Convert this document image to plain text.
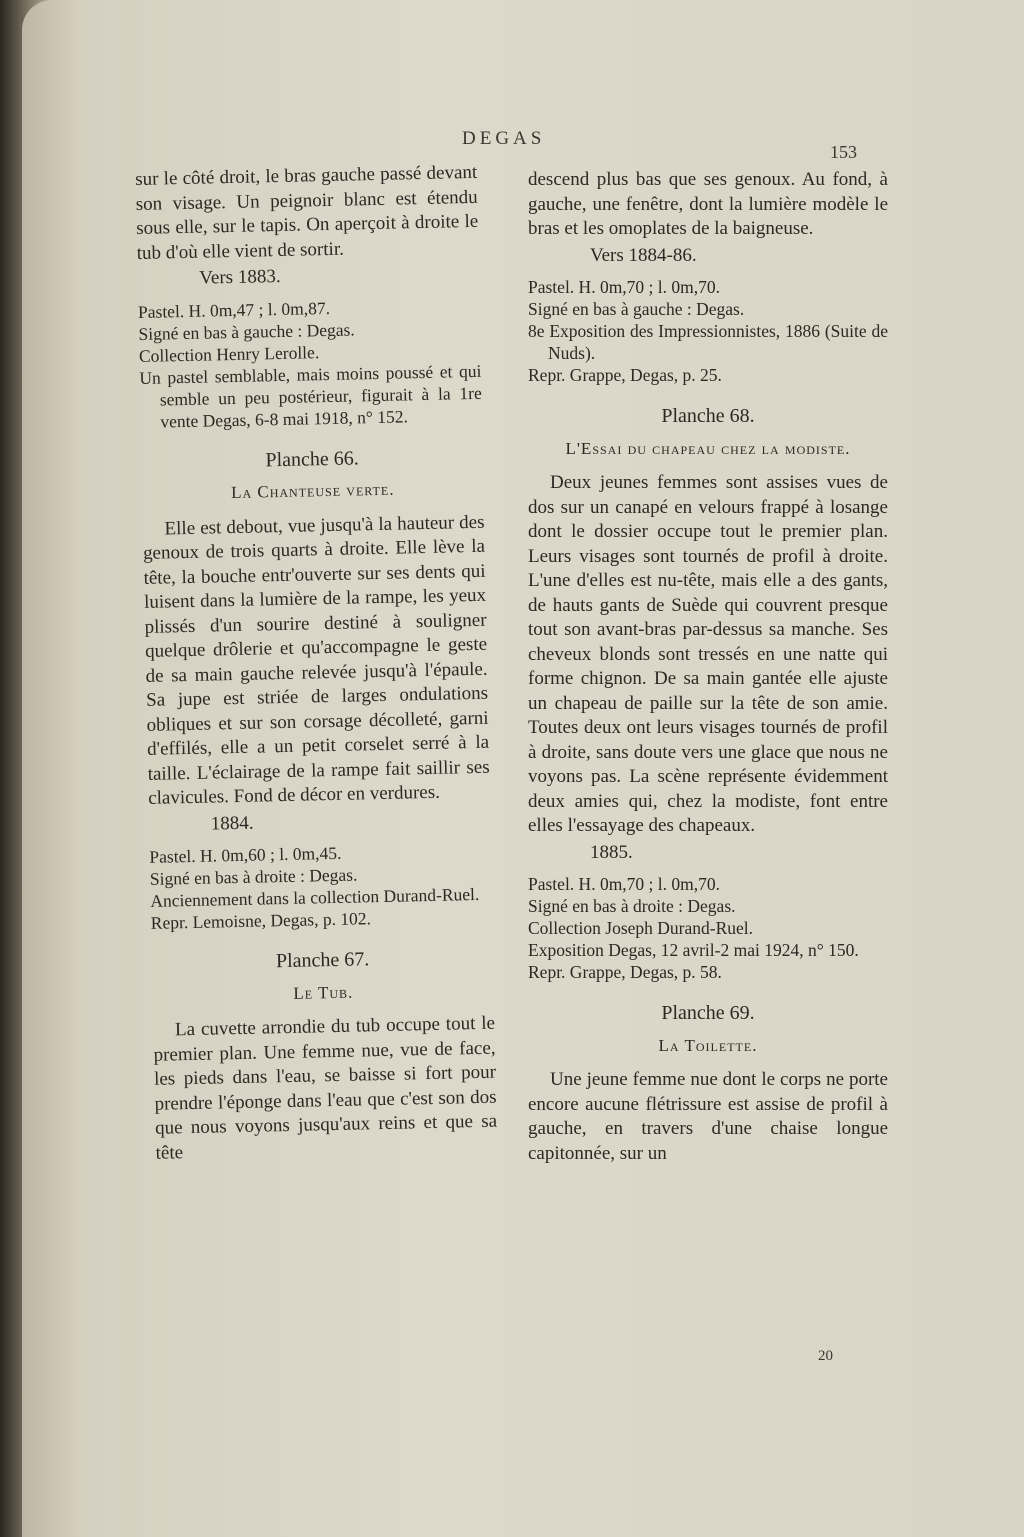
DEGAS
153
20

sur le côté droit, le bras gauche passé devant son visage. Un peignoir blanc est étendu sous elle, sur le tapis. On aperçoit à droite le tub d'où elle vient de sortir.

Vers 1883.

Pastel. H. 0m,47 ; l. 0m,87.

Signé en bas à gauche : Degas.

Collection Henry Lerolle.

Un pastel semblable, mais moins poussé et qui semble un peu postérieur, figurait à la 1re vente Degas, 6-8 mai 1918, n° 152.

Planche 66.

La Chanteuse verte.

Elle est debout, vue jusqu'à la hauteur des genoux de trois quarts à droite. Elle lève la tête, la bouche entr'ouverte sur ses dents qui luisent dans la lumière de la rampe, les yeux plissés d'un sourire destiné à souligner quelque drôlerie et qu'accompagne le geste de sa main gauche relevée jusqu'à l'épaule. Sa jupe est striée de larges ondulations obliques et sur son corsage décolleté, garni d'effilés, elle a un petit corselet serré à la taille. L'éclairage de la rampe fait saillir ses clavicules. Fond de décor en verdures.

1884.

Pastel. H. 0m,60 ; l. 0m,45.

Signé en bas à droite : Degas.

Anciennement dans la collection Durand-Ruel.

Repr. Lemoisne, Degas, p. 102.

Planche 67.

Le Tub.

La cuvette arrondie du tub occupe tout le premier plan. Une femme nue, vue de face, les pieds dans l'eau, se baisse si fort pour prendre l'éponge dans l'eau que c'est son dos que nous voyons jusqu'aux reins et que sa tête

descend plus bas que ses genoux. Au fond, à gauche, une fenêtre, dont la lumière modèle le bras et les omoplates de la baigneuse.

Vers 1884-86.

Pastel. H. 0m,70 ; l. 0m,70.

Signé en bas à gauche : Degas.

8e Exposition des Impressionnistes, 1886 (Suite de Nuds).

Repr. Grappe, Degas, p. 25.

Planche 68.

L'Essai du chapeau chez la modiste.

Deux jeunes femmes sont assises vues de dos sur un canapé en velours frappé à losange dont le dossier occupe tout le premier plan. Leurs visages sont tournés de profil à droite. L'une d'elles est nu-tête, mais elle a des gants, de hauts gants de Suède qui couvrent presque tout son avant-bras par-dessus sa manche. Ses cheveux blonds sont tressés en une natte qui forme chignon. De sa main gantée elle ajuste un chapeau de paille sur la tête de son amie. Toutes deux ont leurs visages tournés de profil à droite, sans doute vers une glace que nous ne voyons pas. La scène représente évidemment deux amies qui, chez la modiste, font entre elles l'essayage des chapeaux.

1885.

Pastel. H. 0m,70 ; l. 0m,70.

Signé en bas à droite : Degas.

Collection Joseph Durand-Ruel.

Exposition Degas, 12 avril-2 mai 1924, n° 150.

Repr. Grappe, Degas, p. 58.

Planche 69.

La Toilette.

Une jeune femme nue dont le corps ne porte encore aucune flétrissure est assise de profil à gauche, en travers d'une chaise longue capitonnée, sur un
